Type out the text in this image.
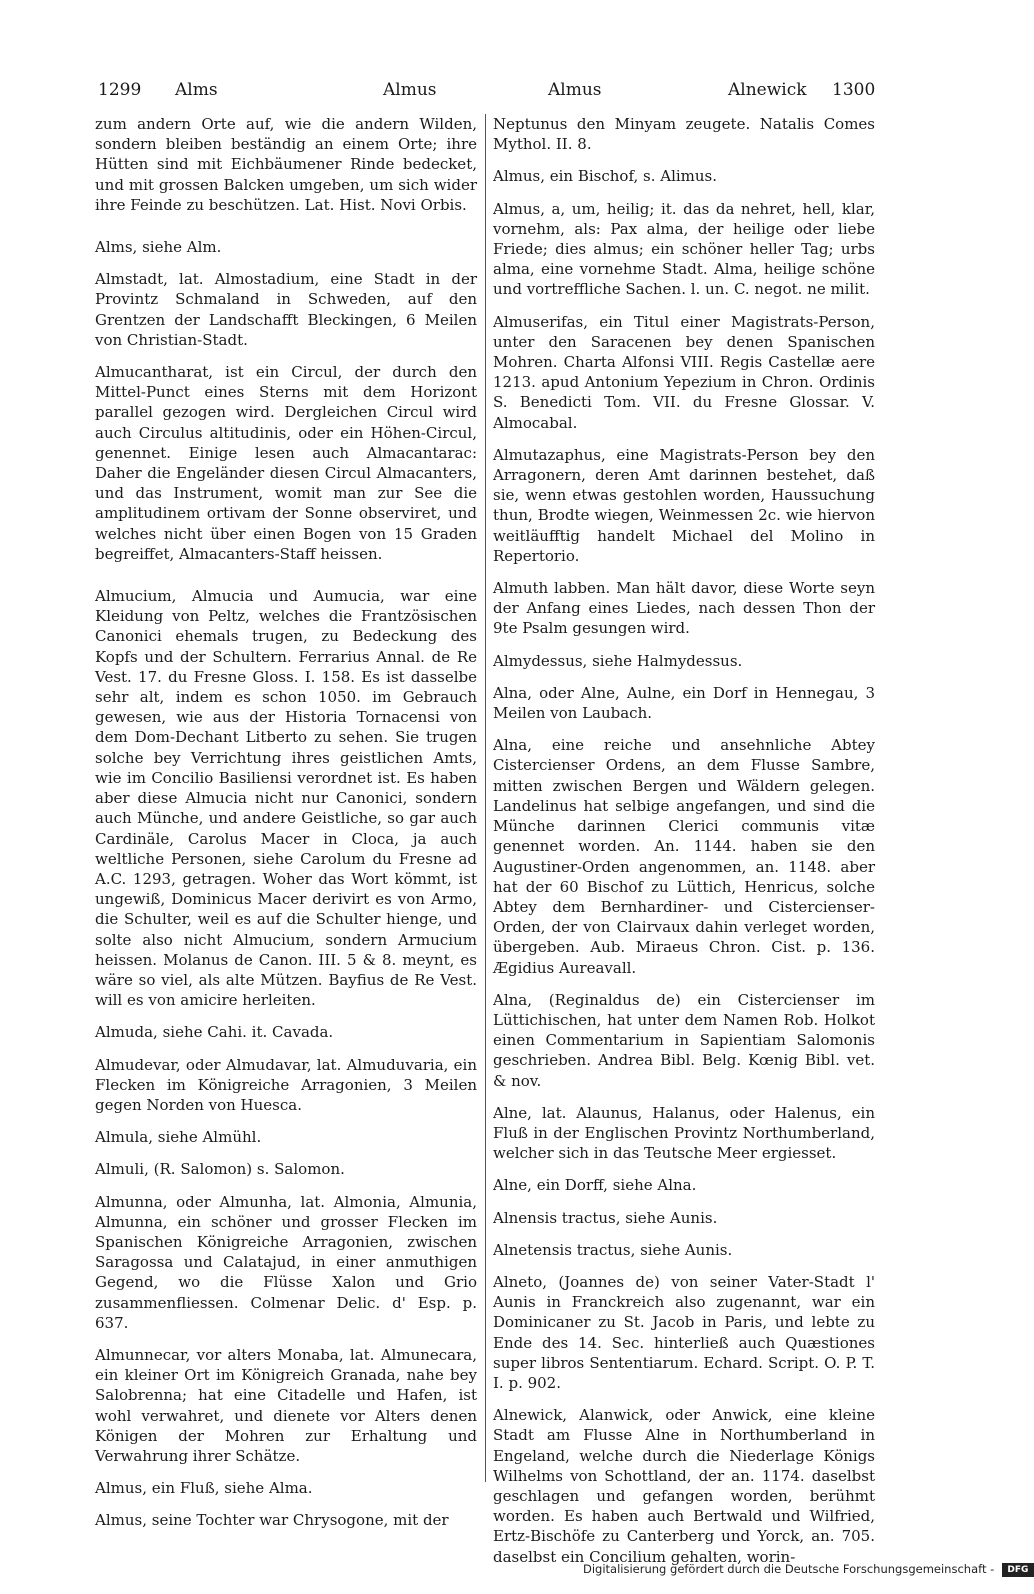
1299 Alms	Almus	Almus	Alnewick 1300

zum andern Orte auf, wie die andern Wilden, sondern bleiben beständig an einem Orte; ihre Hütten sind mit Eichbäumener Rinde bedecket, und mit grossen Balcken umgeben, um sich wider ihre Feinde zu beschützen. Lat. Hist. Novi Orbis.

Alms, siehe Alm.

Almstadt, lat. Almostadium, eine Stadt in der Provintz Schmaland in Schweden, auf den Grentzen der Landschafft Bleckingen, 6 Meilen von Christian-Stadt.

Almucantharat, ist ein Circul, der durch den Mittel-Punct eines Sterns mit dem Horizont parallel gezogen wird. Dergleichen Circul wird auch Circulus altitudinis, oder ein Höhen-Circul, genennet. Einige lesen auch Almacantarac: Daher die Engeländer diesen Circul Almacanters, und das Instrument, womit man zur See die amplitudinem ortivam der Sonne observiret, und welches nicht über einen Bogen von 15 Graden begreiffet, Almacanters-Staff heissen.

Almucium, Almucia und Aumucia, war eine Kleidung von Peltz, welches die Frantzösischen Canonici ehemals trugen, zu Bedeckung des Kopfs und der Schultern. Ferrarius Annal. de Re Vest. 17. du Fresne Gloss. I. 158. Es ist dasselbe sehr alt, indem es schon 1050. im Gebrauch gewesen, wie aus der Historia Tornacensi von dem Dom-Dechant Litberto zu sehen. Sie trugen solche bey Verrichtung ihres geistlichen Amts, wie im Concilio Basiliensi verordnet ist. Es haben aber diese Almucia nicht nur Canonici, sondern auch Münche, und andere Geistliche, so gar auch Cardinäle, Carolus Macer in Cloca, ja auch weltliche Personen, siehe Carolum du Fresne ad A.C. 1293, getragen. Woher das Wort kömmt, ist ungewiß, Dominicus Macer derivirt es von Armo, die Schulter, weil es auf die Schulter hienge, und solte also nicht Almucium, sondern Armucium heissen. Molanus de Canon. III. 5 & 8. meynt, es wäre so viel, als alte Mützen. Bayfius de Re Vest. will es von amicire herleiten.

Almuda, siehe Cahi. it. Cavada.

Almudevar, oder Almudavar, lat. Almuduvaria, ein Flecken im Königreiche Arragonien, 3 Meilen gegen Norden von Huesca.

Almula, siehe Almühl.

Almuli, (R. Salomon) s. Salomon.

Almunna, oder Almunha, lat. Almonia, Almunia, Almunna, ein schöner und grosser Flecken im Spanischen Königreiche Arragonien, zwischen Saragossa und Calatajud, in einer anmuthigen Gegend, wo die Flüsse Xalon und Grio zusammenfliessen. Colmenar Delic. d' Esp. p. 637.

Almunnecar, vor alters Monaba, lat. Almunecara, ein kleiner Ort im Königreich Granada, nahe bey Salobrenna; hat eine Citadelle und Hafen, ist wohl verwahret, und dienete vor Alters denen Königen der Mohren zur Erhaltung und Verwahrung ihrer Schätze.

Almus, ein Fluß, siehe Alma.

Almus, seine Tochter war Chrysogone, mit der

Neptunus den Minyam zeugete. Natalis Comes Mythol. II. 8.

Almus, ein Bischof, s. Alimus.

Almus, a, um, heilig; it. das da nehret, hell, klar, vornehm, als: Pax alma, der heilige oder liebe Friede; dies almus; ein schöner heller Tag; urbs alma, eine vornehme Stadt. Alma, heilige schöne und vortreffliche Sachen. l. un. C. negot. ne milit.

Almuserifas, ein Titul einer Magistrats-Person, unter den Saracenen bey denen Spanischen Mohren. Charta Alfonsi VIII. Regis Castellæ aere 1213. apud Antonium Yepezium in Chron. Ordinis S. Benedicti Tom. VII. du Fresne Glossar. V. Almocabal.

Almutazaphus, eine Magistrats-Person bey den Arragonern, deren Amt darinnen bestehet, daß sie, wenn etwas gestohlen worden, Haussuchung thun, Brodte wiegen, Weinmessen 2c. wie hiervon weitläufftig handelt Michael del Molino in Repertorio.

Almuth labben. Man hält davor, diese Worte seyn der Anfang eines Liedes, nach dessen Thon der 9te Psalm gesungen wird.

Almydessus, siehe Halmydessus.

Alna, oder Alne, Aulne, ein Dorf in Hennegau, 3 Meilen von Laubach.

Alna, eine reiche und ansehnliche Abtey Cistercienser Ordens, an dem Flusse Sambre, mitten zwischen Bergen und Wäldern gelegen. Landelinus hat selbige angefangen, und sind die Münche darinnen Clerici communis vitæ genennet worden. An. 1144. haben sie den Augustiner-Orden angenommen, an. 1148. aber hat der 60 Bischof zu Lüttich, Henricus, solche Abtey dem Bernhardiner- und Cistercienser-Orden, der von Clairvaux dahin verleget worden, übergeben. Aub. Miraeus Chron. Cist. p. 136. Ægidius Aureavall.

Alna, (Reginaldus de) ein Cistercienser im Lüttichischen, hat unter dem Namen Rob. Holkot einen Commentarium in Sapientiam Salomonis geschrieben. Andrea Bibl. Belg. Kœnig Bibl. vet. & nov.

Alne, lat. Alaunus, Halanus, oder Halenus, ein Fluß in der Englischen Provintz Northumberland, welcher sich in das Teutsche Meer ergiesset.

Alne, ein Dorff, siehe Alna.

Alnensis tractus, siehe Aunis.

Alnetensis tractus, siehe Aunis.

Alneto, (Joannes de) von seiner Vater-Stadt l' Aunis in Franckreich also zugenannt, war ein Dominicaner zu St. Jacob in Paris, und lebte zu Ende des 14. Sec. hinterließ auch Quæstiones super libros Sententiarum. Echard. Script. O. P. T. I. p. 902.

Alnewick, Alanwick, oder Anwick, eine kleine Stadt am Flusse Alne in Northumberland in Engeland, welche durch die Niederlage Königs Wilhelms von Schottland, der an. 1174. daselbst geschlagen und gefangen worden, berühmt worden. Es haben auch Bertwald und Wilfried, Ertz-Bischöfe zu Canterberg und Yorck, an. 705. daselbst ein Concilium gehalten, worin-

Digitalisierung gefördert durch die Deutsche Forschungsgemeinschaft - DFG
